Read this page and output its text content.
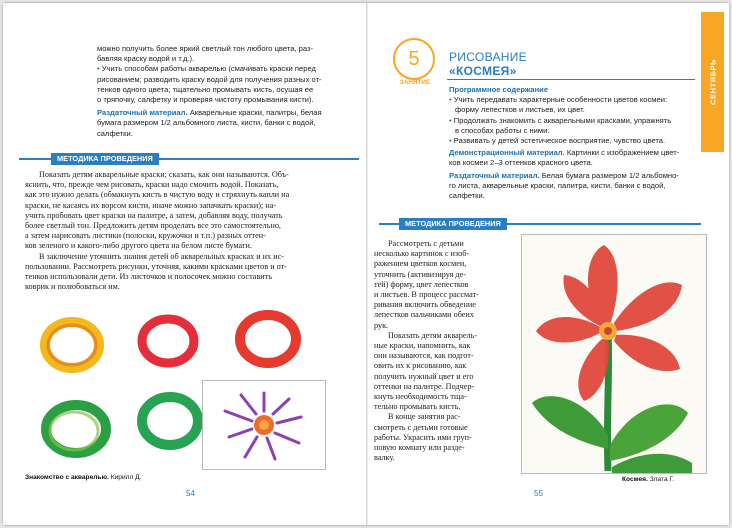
можно получить более яркий светлый тон любого цвета, раз-
бавляя краску водой и т.д.).
• Учить способам работы акварелью (смачивать краски перед
рисованием; разводить краску водой для получения разных от-
тенков одного цвета; тщательно промывать кисть, осушая ее
о тряпочку, салфетку и проверяя чистоту промывания кисти).
Раздаточный материал. Акварельные краски, палитры, белая
бумага размером 1/2 альбомного листа, кисти, банки с водой,
салфетки.
МЕТОДИКА ПРОВЕДЕНИЯ
Показать детям акварельные краски; сказать, как они называются. Объ-
яснить, что, прежде чем рисовать, краски надо смочить водой. Показать,
как это нужно делать (обмакнуть кисть в чистую воду и стряхнуть капли на
краски, не касаясь их ворсом кисти, иначе можно запачкать краски); на-
учить пробовать цвет краски на палитре, а затем, добавляя воду, получать
более светлый тон. Предложить детям проделать все это самостоятельно,
а затем нарисовать листики (полоски, кружочки и т.п.) разных оттен-
ков зеленого и какого-либо другого цвета на белом листе бумаги.
В заключение уточнить знания детей об акварельных красках и их ис-
пользовании. Рассмотреть рисунки, уточняя, какими красками цветов и от-
тенков использовали дети. Из листочков и полосочек можно составить
коврик и полюбоваться им.
Знакомство с акварелью. Кирилл Д.
54
5
ЗАНЯТИЕ
РИСОВАНИЕ
«КОСМЕЯ»	СЕНТЯБРЬ
Программное содержание
• Учить передавать характерные особенности цветов космеи:
форму лепестков и листьев, их цвет.
• Продолжать знакомить с акварельными красками, упражнять
в способах работы с ними.
• Развивать у детей эстетическое восприятие, чувство цвета.
Демонстрационный материал. Картинки с изображением цвет-
ков космеи 2–3 оттенков красного цвета.
Раздаточный материал. Белая бумага размером 1/2 альбомно-
го листа, акварельные краски, палитра, кисти, банки с водой,
салфетки.
МЕТОДИКА ПРОВЕДЕНИЯ
Рассмотреть с детьми
несколько картинок с изоб-
ражением цветков космеи,
уточнить (активизируя де-
тей) форму, цвет лепестков
и листьев. В процесс рассмат-
ривания включить обведение
лепестков пальчиками обеих
рук.
Показать детям акварель-
ные краски, напомнить, как
они называются, как подгот-
овить их к рисованию, как
получить нужный цвет и его
оттенки на палитре. Подчер-
кнуть необходимость тща-
тельно промывать кисть.
В конце занятия рас-
смотреть с детьми готовые
работы. Украсить ими груп-
повую комнату или разде-
валку.
Космея. Злата Г.
55
